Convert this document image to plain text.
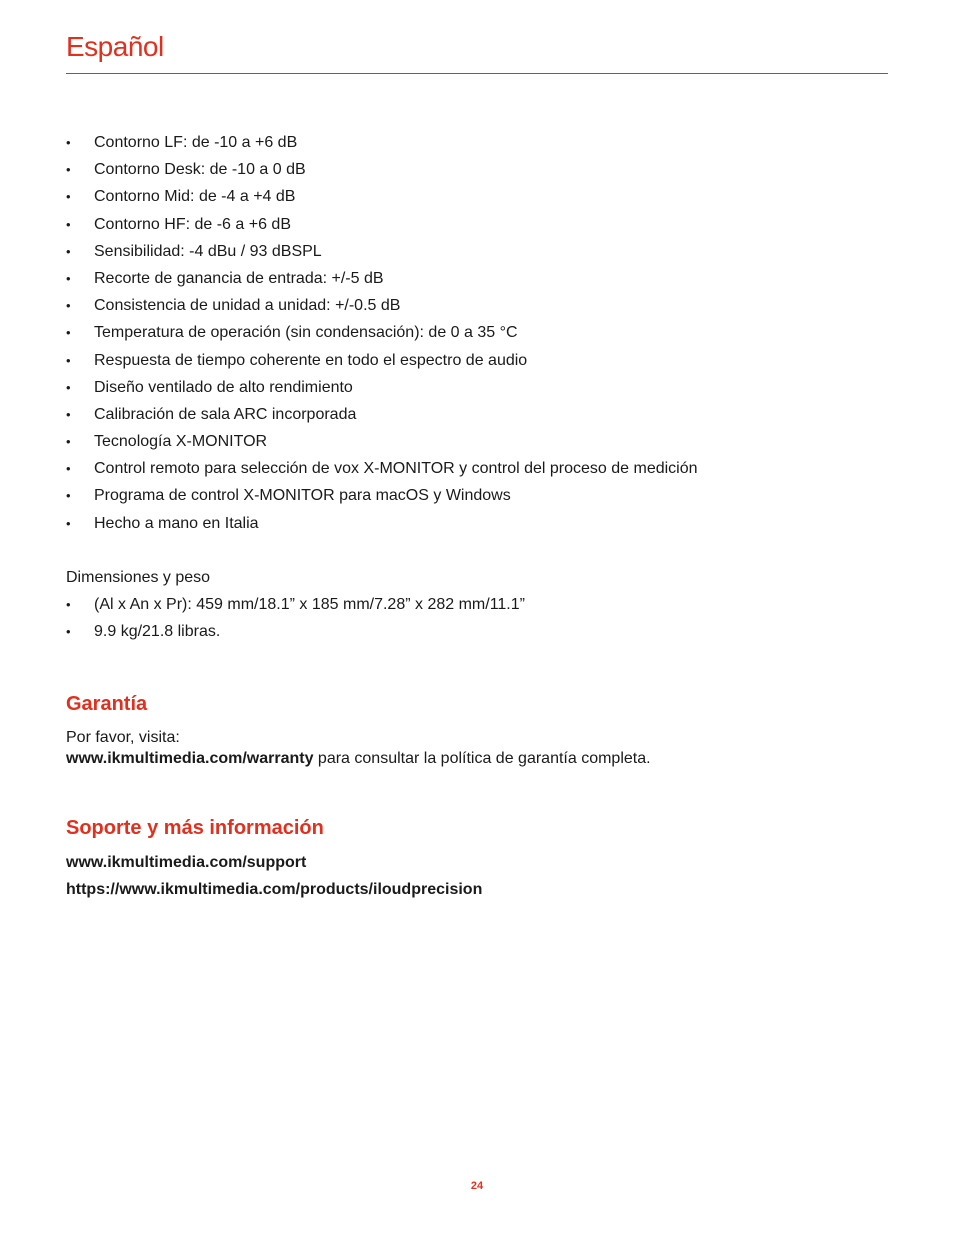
Español
• Contorno LF: de -10 a +6 dB
• Contorno Desk: de -10 a 0 dB
• Contorno Mid: de -4 a +4 dB
• Contorno HF: de -6 a +6 dB
• Sensibilidad: -4 dBu / 93 dBSPL
• Recorte de ganancia de entrada: +/-5 dB
• Consistencia de unidad a unidad: +/-0.5 dB
• Temperatura de operación (sin condensación): de 0 a 35 °C
• Respuesta de tiempo coherente en todo el espectro de audio
• Diseño ventilado de alto rendimiento
• Calibración de sala ARC incorporada
• Tecnología X-MONITOR
• Control remoto para selección de vox X-MONITOR y control del proceso de medición
• Programa de control X-MONITOR para macOS y Windows
• Hecho a mano en Italia
Dimensiones y peso
• (Al x An x Pr): 459 mm/18.1” x 185 mm/7.28” x 282 mm/11.1”
• 9.9 kg/21.8 libras.
Garantía
Por favor, visita:
www.ikmultimedia.com/warranty para consultar la política de garantía completa.
Soporte y más información
www.ikmultimedia.com/support
https://www.ikmultimedia.com/products/iloudprecision
24
